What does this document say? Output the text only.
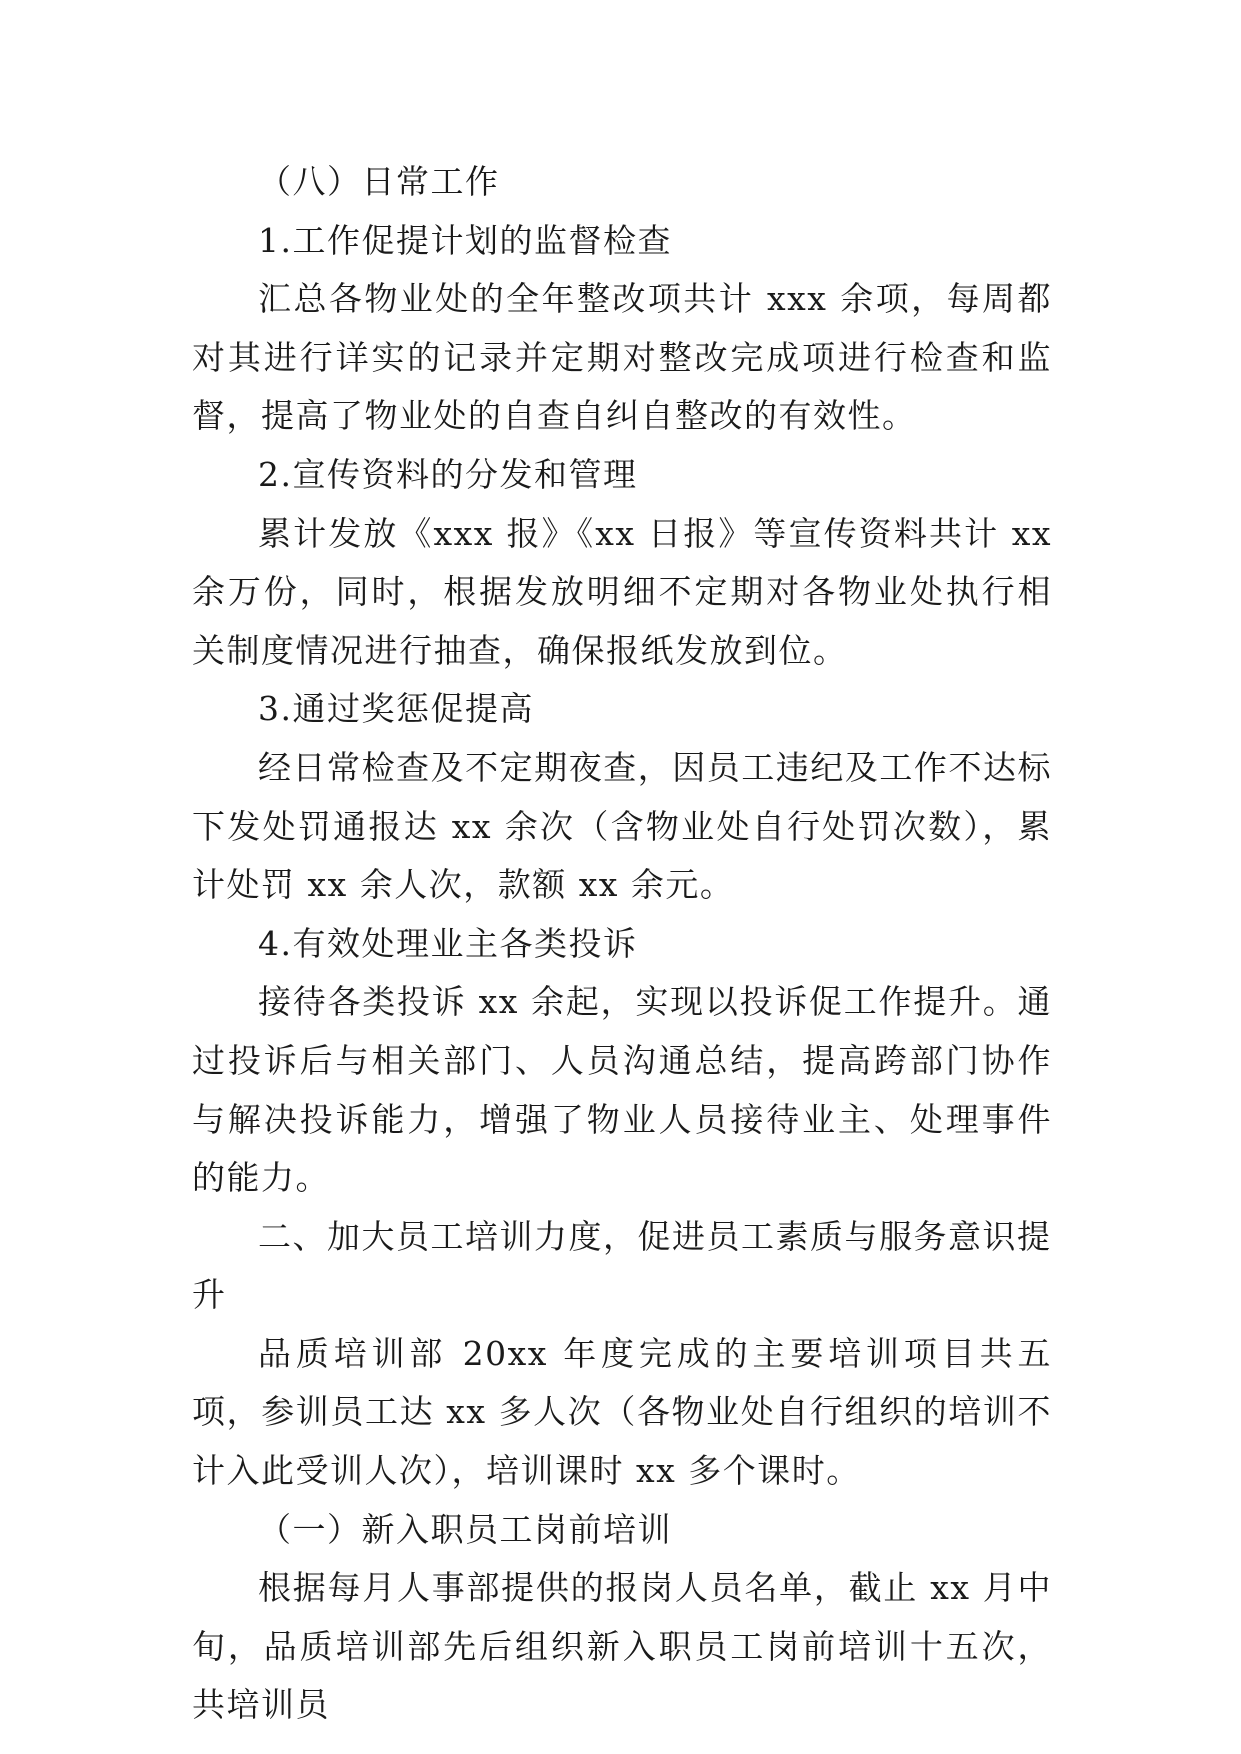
（八）日常工作

1.工作促提计划的监督检查

汇总各物业处的全年整改项共计 xxx 余项，每周都对其进行详实的记录并定期对整改完成项进行检查和监督，提高了物业处的自查自纠自整改的有效性。

2.宣传资料的分发和管理

累计发放《xxx 报》《xx 日报》等宣传资料共计 xx 余万份，同时，根据发放明细不定期对各物业处执行相关制度情况进行抽查，确保报纸发放到位。

3.通过奖惩促提高

经日常检查及不定期夜查，因员工违纪及工作不达标下发处罚通报达 xx 余次（含物业处自行处罚次数），累计处罚 xx 余人次，款额 xx 余元。

4.有效处理业主各类投诉

接待各类投诉 xx 余起，实现以投诉促工作提升。通过投诉后与相关部门、人员沟通总结，提高跨部门协作与解决投诉能力，增强了物业人员接待业主、处理事件的能力。

二、加大员工培训力度，促进员工素质与服务意识提升

品质培训部 20xx 年度完成的主要培训项目共五项，参训员工达 xx 多人次（各物业处自行组织的培训不计入此受训人次），培训课时 xx 多个课时。

（一）新入职员工岗前培训

根据每月人事部提供的报岗人员名单，截止 xx 月中旬，品质培训部先后组织新入职员工岗前培训十五次，共培训员
